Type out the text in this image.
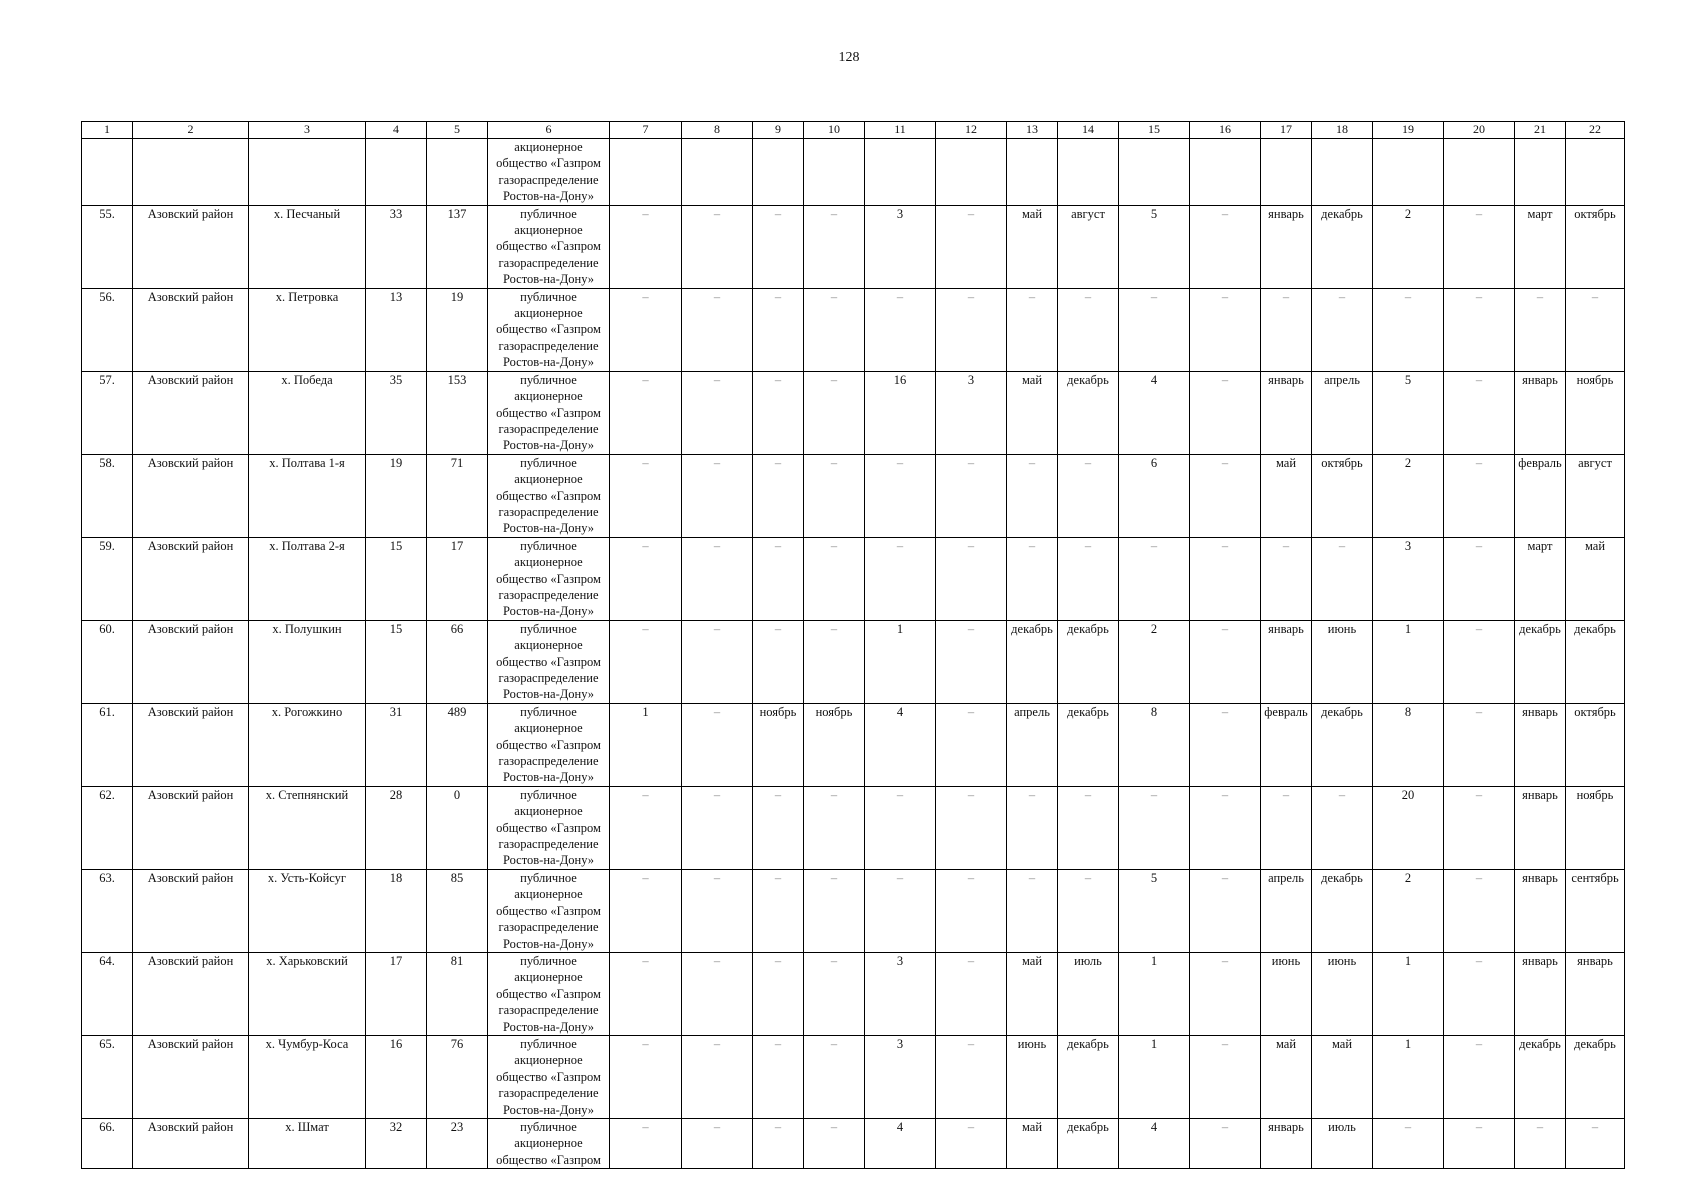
128
1	2	3	4	5	6	7	8	9	10	11	12	13	14	15	16	17	18	19	20	21	22
					акционерное общество «Газпром газораспределение Ростов-на-Дону»																
55.	Азовский район	х. Песчаный	33	137	публичное акционерное общество «Газпром газораспределение Ростов-на-Дону»	–	–	–	–	3	–	май	август	5	–	январь	декабрь	2	–	март	октябрь
56.	Азовский район	х. Петровка	13	19	публичное акционерное общество «Газпром газораспределение Ростов-на-Дону»	–	–	–	–	–	–	–	–	–	–	–	–	–	–	–	–
57.	Азовский район	х. Победа	35	153	публичное акционерное общество «Газпром газораспределение Ростов-на-Дону»	–	–	–	–	16	3	май	декабрь	4	–	январь	апрель	5	–	январь	ноябрь
58.	Азовский район	х. Полтава 1-я	19	71	публичное акционерное общество «Газпром газораспределение Ростов-на-Дону»	–	–	–	–	–	–	–	–	6	–	май	октябрь	2	–	февраль	август
59.	Азовский район	х. Полтава 2-я	15	17	публичное акционерное общество «Газпром газораспределение Ростов-на-Дону»	–	–	–	–	–	–	–	–	–	–	–	–	3	–	март	май
60.	Азовский район	х. Полушкин	15	66	публичное акционерное общество «Газпром газораспределение Ростов-на-Дону»	–	–	–	–	1	–	декабрь	декабрь	2	–	январь	июнь	1	–	декабрь	декабрь
61.	Азовский район	х. Рогожкино	31	489	публичное акционерное общество «Газпром газораспределение Ростов-на-Дону»	1	–	ноябрь	ноябрь	4	–	апрель	декабрь	8	–	февраль	декабрь	8	–	январь	октябрь
62.	Азовский район	х. Степнянский	28	0	публичное акционерное общество «Газпром газораспределение Ростов-на-Дону»	–	–	–	–	–	–	–	–	–	–	–	–	20	–	январь	ноябрь
63.	Азовский район	х. Усть-Койсуг	18	85	публичное акционерное общество «Газпром газораспределение Ростов-на-Дону»	–	–	–	–	–	–	–	–	5	–	апрель	декабрь	2	–	январь	сентябрь
64.	Азовский район	х. Харьковский	17	81	публичное акционерное общество «Газпром газораспределение Ростов-на-Дону»	–	–	–	–	3	–	май	июль	1	–	июнь	июнь	1	–	январь	январь
65.	Азовский район	х. Чумбур-Коса	16	76	публичное акционерное общество «Газпром газораспределение Ростов-на-Дону»	–	–	–	–	3	–	июнь	декабрь	1	–	май	май	1	–	декабрь	декабрь
66.	Азовский район	х. Шмат	32	23	публичное акционерное общество «Газпром	–	–	–	–	4	–	май	декабрь	4	–	январь	июль	–	–	–	–
